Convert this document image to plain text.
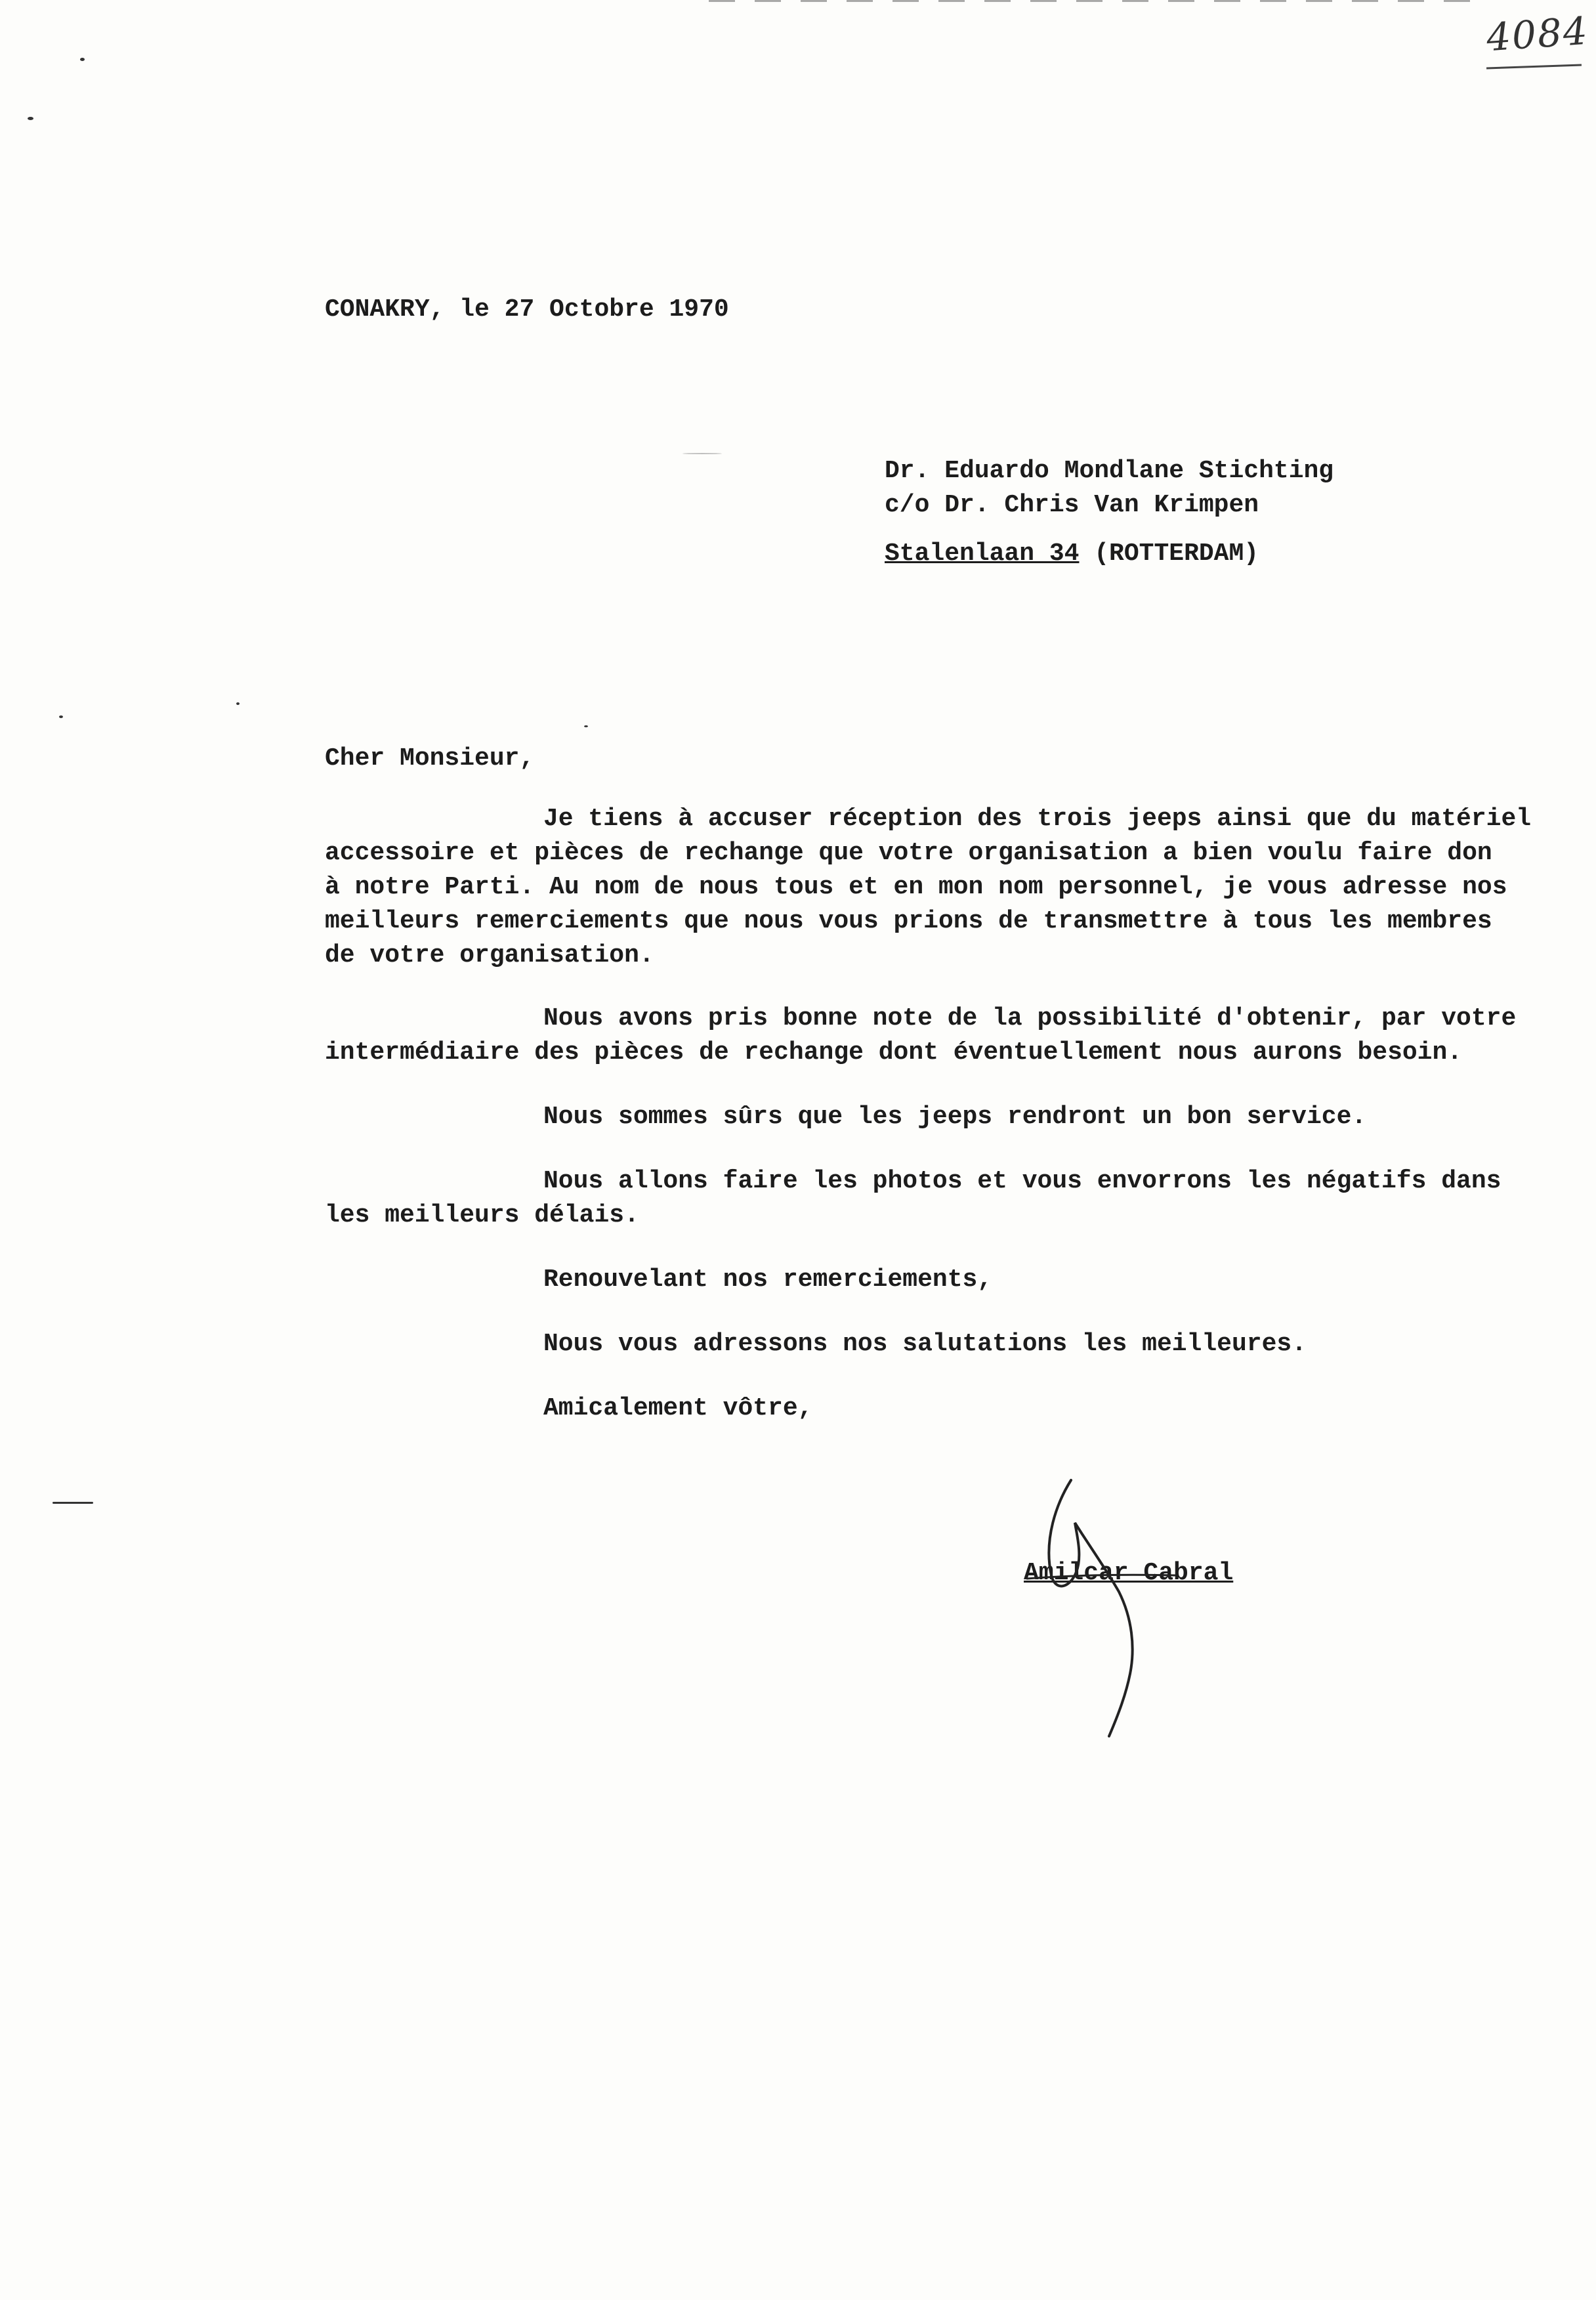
4084
CONAKRY, le 27 Octobre 1970
Dr. Eduardo Mondlane Stichting
c/o Dr. Chris Van Krimpen
Stalenlaan 34 (ROTTERDAM)
Cher Monsieur,
Je tiens à accuser réception des trois jeeps ainsi que du matériel
accessoire et pièces de rechange que votre organisation a bien voulu faire don
à notre Parti. Au nom de nous tous et en mon nom personnel, je vous adresse nos
meilleurs remerciements que nous vous prions de transmettre à tous les membres
de votre organisation.
Nous avons pris bonne note de la possibilité d'obtenir, par votre
intermédiaire des pièces de rechange dont éventuellement nous aurons besoin.
Nous sommes sûrs que les jeeps rendront un bon service.
Nous allons faire les photos et vous envorrons les négatifs dans
les meilleurs délais.
Renouvelant nos remerciements,
Nous vous adressons nos salutations les meilleures.
Amicalement vôtre,
Amilcar Cabral
